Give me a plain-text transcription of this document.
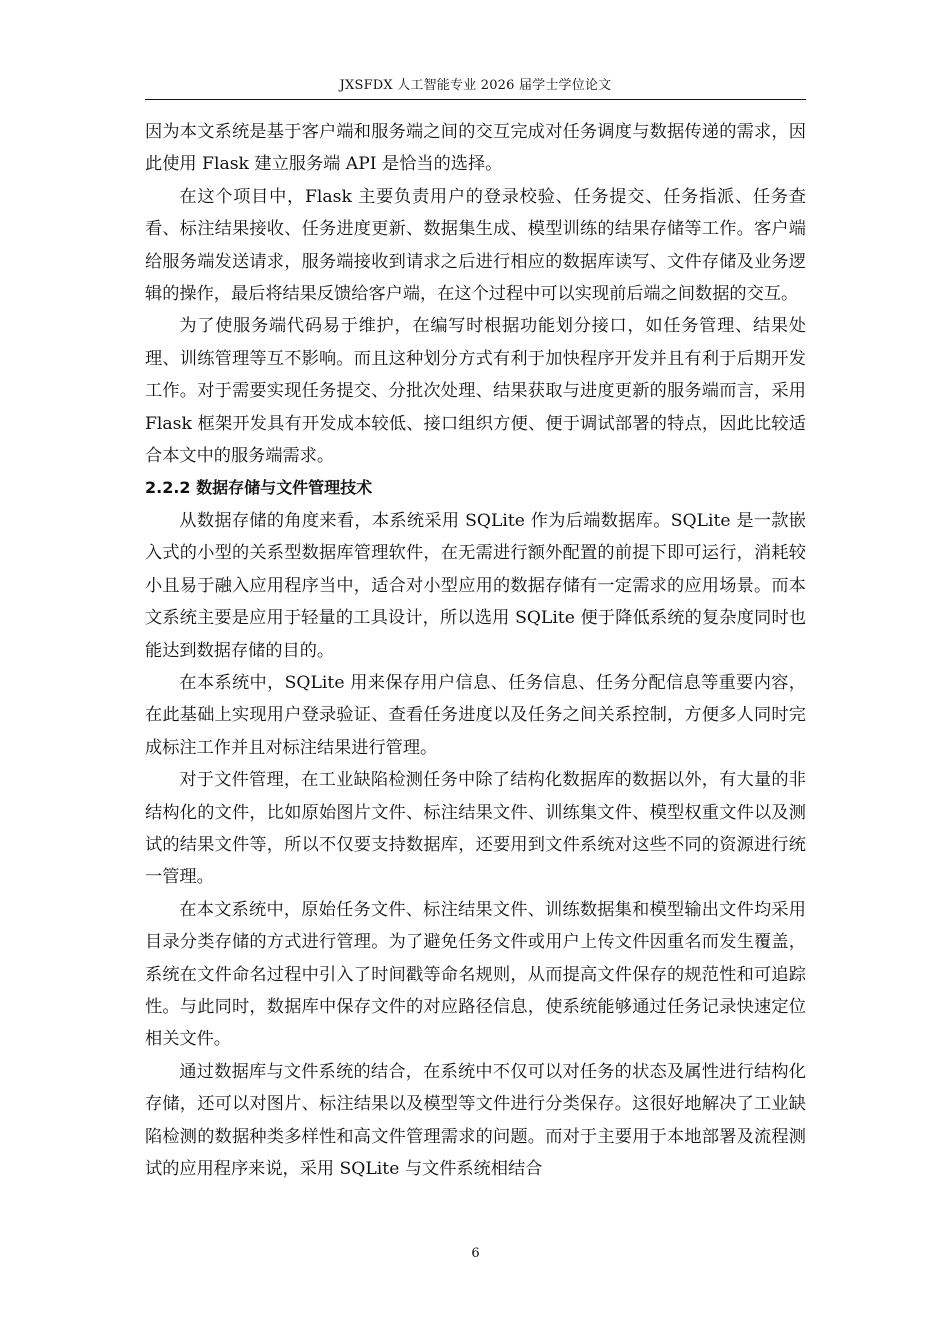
JXSFDX 人工智能专业 2026 届学士学位论文

因为本文系统是基于客户端和服务端之间的交互完成对任务调度与数据传递的需求，因此使用 Flask 建立服务端 API 是恰当的选择。

在这个项目中，Flask 主要负责用户的登录校验、任务提交、任务指派、任务查看、标注结果接收、任务进度更新、数据集生成、模型训练的结果存储等工作。客户端给服务端发送请求，服务端接收到请求之后进行相应的数据库读写、文件存储及业务逻辑的操作，最后将结果反馈给客户端，在这个过程中可以实现前后端之间数据的交互。

为了使服务端代码易于维护，在编写时根据功能划分接口，如任务管理、结果处理、训练管理等互不影响。而且这种划分方式有利于加快程序开发并且有利于后期开发工作。对于需要实现任务提交、分批次处理、结果获取与进度更新的服务端而言，采用 Flask 框架开发具有开发成本较低、接口组织方便、便于调试部署的特点，因此比较适合本文中的服务端需求。

2.2.2 数据存储与文件管理技术

从数据存储的角度来看，本系统采用 SQLite 作为后端数据库。SQLite 是一款嵌入式的小型的关系型数据库管理软件，在无需进行额外配置的前提下即可运行，消耗较小且易于融入应用程序当中，适合对小型应用的数据存储有一定需求的应用场景。而本文系统主要是应用于轻量的工具设计，所以选用 SQLite 便于降低系统的复杂度同时也能达到数据存储的目的。

在本系统中，SQLite 用来保存用户信息、任务信息、任务分配信息等重要内容，在此基础上实现用户登录验证、查看任务进度以及任务之间关系控制，方便多人同时完成标注工作并且对标注结果进行管理。

对于文件管理，在工业缺陷检测任务中除了结构化数据库的数据以外，有大量的非结构化的文件，比如原始图片文件、标注结果文件、训练集文件、模型权重文件以及测试的结果文件等，所以不仅要支持数据库，还要用到文件系统对这些不同的资源进行统一管理。

在本文系统中，原始任务文件、标注结果文件、训练数据集和模型输出文件均采用目录分类存储的方式进行管理。为了避免任务文件或用户上传文件因重名而发生覆盖，系统在文件命名过程中引入了时间戳等命名规则，从而提高文件保存的规范性和可追踪性。与此同时，数据库中保存文件的对应路径信息，使系统能够通过任务记录快速定位相关文件。

通过数据库与文件系统的结合，在系统中不仅可以对任务的状态及属性进行结构化存储，还可以对图片、标注结果以及模型等文件进行分类保存。这很好地解决了工业缺陷检测的数据种类多样性和高文件管理需求的问题。而对于主要用于本地部署及流程测试的应用程序来说，采用 SQLite 与文件系统相结合

6
